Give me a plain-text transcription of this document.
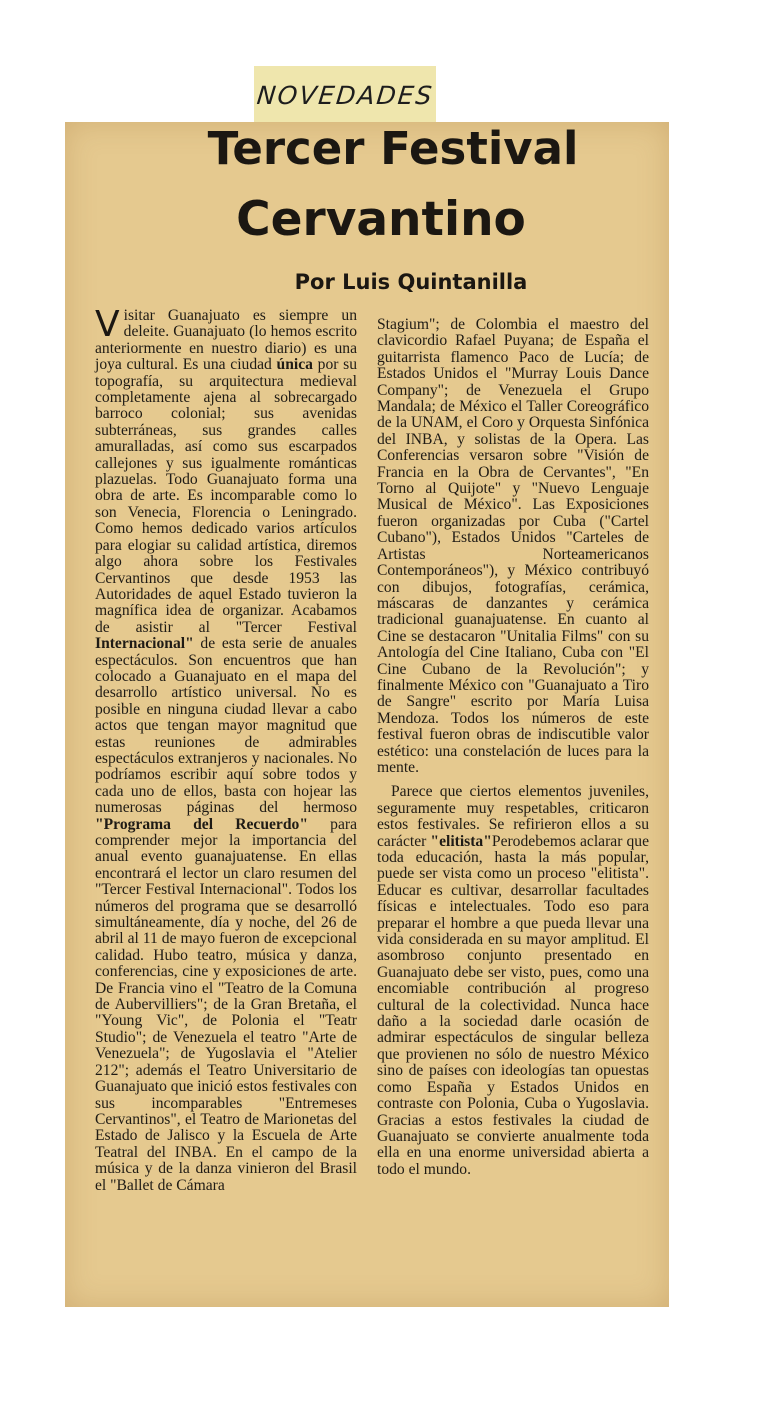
NOVEDADES
Tercer Festival
Cervantino

Por Luis Quintanilla

Visitar Guanajuato es siempre un deleite. Guanajuato (lo hemos escrito anteriormente en nuestro diario) es una joya cultural. Es una ciudad única por su topografía, su arquitectura medieval completamente ajena al sobrecargado barroco colonial; sus avenidas subterráneas, sus grandes calles amuralladas, así como sus escarpados callejones y sus igualmente románticas plazuelas. Todo Guanajuato forma una obra de arte. Es incomparable como lo son Venecia, Florencia o Leningrado. Como hemos dedicado varios artículos para elogiar su calidad artística, diremos algo ahora sobre los Festivales Cervantinos que desde 1953 las Autoridades de aquel Estado tuvieron la magnífica idea de organizar. Acabamos de asistir al "Tercer Festival Internacional" de esta serie de anuales espectáculos. Son encuentros que han colocado a Guanajuato en el mapa del desarrollo artístico universal. No es posible en ninguna ciudad llevar a cabo actos que tengan mayor magnitud que estas reuniones de admirables espectáculos extranjeros y nacionales. No podríamos escribir aquí sobre todos y cada uno de ellos, basta con hojear las numerosas páginas del hermoso "Programa del Recuerdo" para comprender mejor la importancia del anual evento guanajuatense. En ellas encontrará el lector un claro resumen del "Tercer Festival Internacional". Todos los números del programa que se desarrolló simultáneamente, día y noche, del 26 de abril al 11 de mayo fueron de excepcional calidad. Hubo teatro, música y danza, conferencias, cine y exposiciones de arte. De Francia vino el "Teatro de la Comuna de Aubervilliers"; de la Gran Bretaña, el "Young Vic", de Polonia el "Teatr Studio"; de Venezuela el teatro "Arte de Venezuela"; de Yugoslavia el "Atelier 212"; además el Teatro Universitario de Guanajuato que inició estos festivales con sus incomparables "Entremeses Cervantinos", el Teatro de Marionetas del Estado de Jalisco y la Escuela de Arte Teatral del INBA. En el campo de la música y de la danza vinieron del Brasil el "Ballet de Cámara

Stagium"; de Colombia el maestro del clavicordio Rafael Puyana; de España el guitarrista flamenco Paco de Lucía; de Estados Unidos el "Murray Louis Dance Company"; de Venezuela el Grupo Mandala; de México el Taller Coreográfico de la UNAM, el Coro y Orquesta Sinfónica del INBA, y solistas de la Opera. Las Conferencias versaron sobre "Visión de Francia en la Obra de Cervantes", "En Torno al Quijote" y "Nuevo Lenguaje Musical de México". Las Exposiciones fueron organizadas por Cuba ("Cartel Cubano"), Estados Unidos "Carteles de Artistas Norteamericanos Contemporáneos"), y México contribuyó con dibujos, fotografías, cerámica, máscaras de danzantes y cerámica tradicional guanajuatense. En cuanto al Cine se destacaron "Unitalia Films" con su Antología del Cine Italiano, Cuba con "El Cine Cubano de la Revolución"; y finalmente México con "Guanajuato a Tiro de Sangre" escrito por María Luisa Mendoza. Todos los números de este festival fueron obras de indiscutible valor estético: una constelación de luces para la mente.

Parece que ciertos elementos juveniles, seguramente muy respetables, criticaron estos festivales. Se refirieron ellos a su carácter "elitista"Perodebemos aclarar que toda educación, hasta la más popular, puede ser vista como un proceso "elitista". Educar es cultivar, desarrollar facultades físicas e intelectuales. Todo eso para preparar el hombre a que pueda llevar una vida considerada en su mayor amplitud. El asombroso conjunto presentado en Guanajuato debe ser visto, pues, como una encomiable contribución al progreso cultural de la colectividad. Nunca hace daño a la sociedad darle ocasión de admirar espectáculos de singular belleza que provienen no sólo de nuestro México sino de países con ideologías tan opuestas como España y Estados Unidos en contraste con Polonia, Cuba o Yugoslavia. Gracias a estos festivales la ciudad de Guanajuato se convierte anualmente toda ella en una enorme universidad abierta a todo el mundo.
